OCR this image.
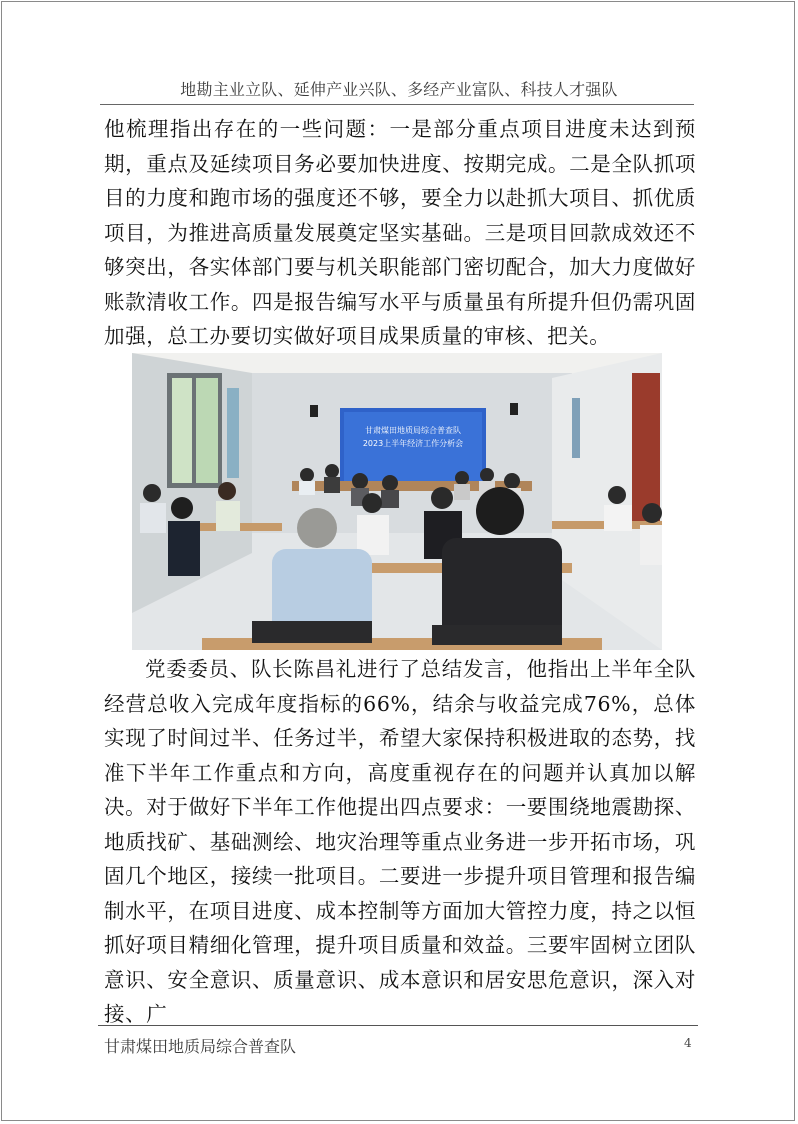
地勘主业立队、延伸产业兴队、多经产业富队、科技人才强队

他梳理指出存在的一些问题：一是部分重点项目进度未达到预期，重点及延续项目务必要加快进度、按期完成。二是全队抓项目的力度和跑市场的强度还不够，要全力以赴抓大项目、抓优质项目，为推进高质量发展奠定坚实基础。三是项目回款成效还不够突出，各实体部门要与机关职能部门密切配合，加大力度做好账款清收工作。四是报告编写水平与质量虽有所提升但仍需巩固加强，总工办要切实做好项目成果质量的审核、把关。

甘肃煤田地质局综合普查队
2023上半年经济工作分析会

党委委员、队长陈昌礼进行了总结发言，他指出上半年全队经营总收入完成年度指标的66%，结余与收益完成76%，总体实现了时间过半、任务过半，希望大家保持积极进取的态势，找准下半年工作重点和方向，高度重视存在的问题并认真加以解决。对于做好下半年工作他提出四点要求：一要围绕地震勘探、地质找矿、基础测绘、地灾治理等重点业务进一步开拓市场，巩固几个地区，接续一批项目。二要进一步提升项目管理和报告编制水平，在项目进度、成本控制等方面加大管控力度，持之以恒抓好项目精细化管理，提升项目质量和效益。三要牢固树立团队意识、安全意识、质量意识、成本意识和居安思危意识，深入对接、广

甘肃煤田地质局综合普查队	4
